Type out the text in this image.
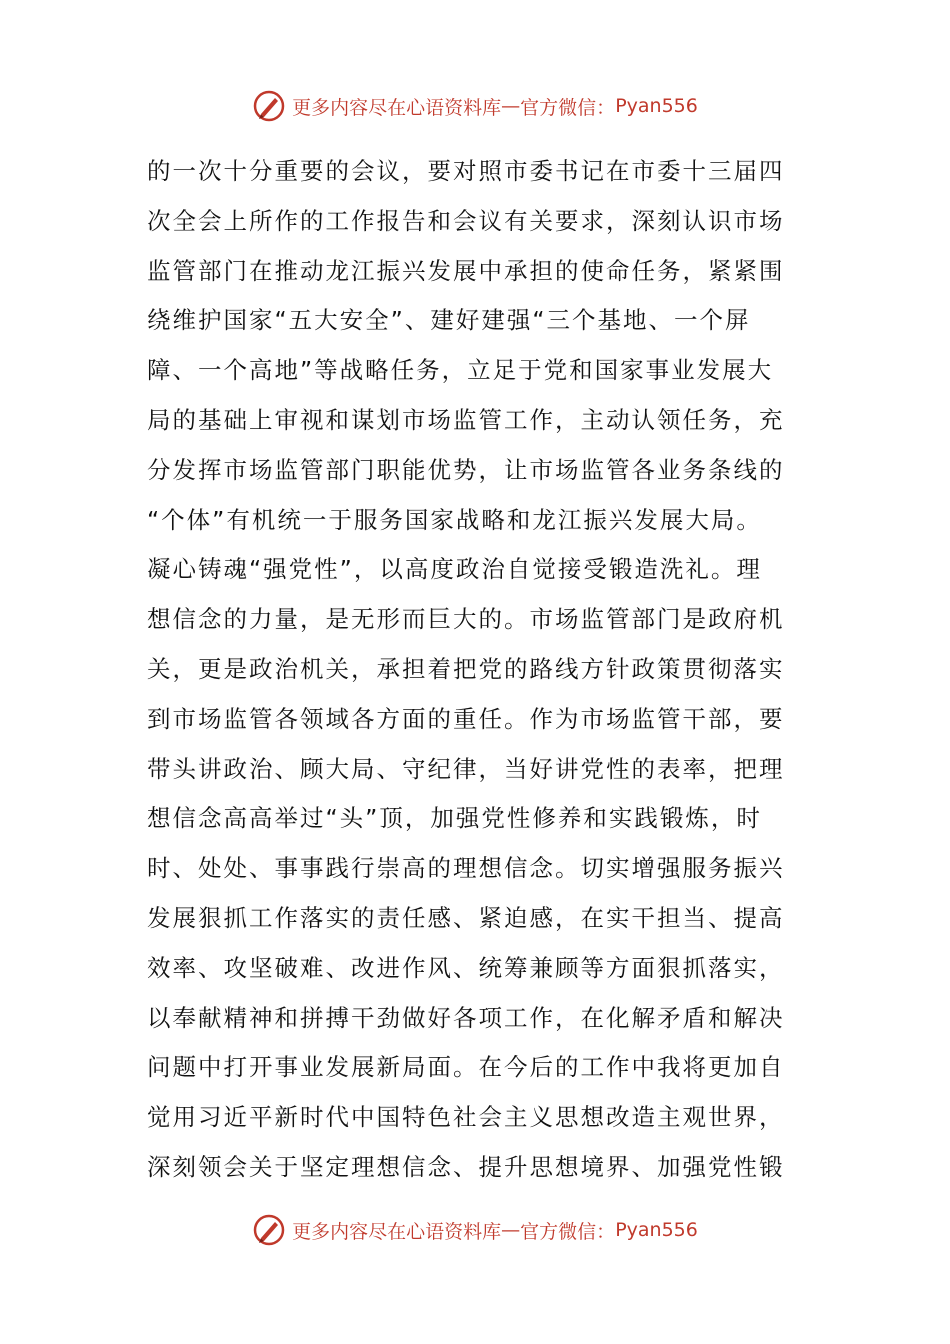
更多内容尽在心语资料库 — 官方微信： Pyan556
的一次十分重要的会议，要对照市委书记在市委十三届四
次全会上所作的工作报告和会议有关要求，深刻认识市场
监管部门在推动龙江振兴发展中承担的使命任务，紧紧围
绕维护国家“五大安全”、建好建强“三个基地、一个屏
障、一个高地”等战略任务，立足于党和国家事业发展大
局的基础上审视和谋划市场监管工作，主动认领任务，充
分发挥市场监管部门职能优势，让市场监管各业务条线的
“个体”有机统一于服务国家战略和龙江振兴发展大局。
凝心铸魂“强党性”，以高度政治自觉接受锻造洗礼。理
想信念的力量，是无形而巨大的。市场监管部门是政府机
关，更是政治机关，承担着把党的路线方针政策贯彻落实
到市场监管各领域各方面的重任。作为市场监管干部，要
带头讲政治、顾大局、守纪律，当好讲党性的表率，把理
想信念高高举过“头”顶，加强党性修养和实践锻炼，时
时、处处、事事践行崇高的理想信念。切实增强服务振兴
发展狠抓工作落实的责任感、紧迫感，在实干担当、提高
效率、攻坚破难、改进作风、统筹兼顾等方面狠抓落实，
以奉献精神和拼搏干劲做好各项工作，在化解矛盾和解决
问题中打开事业发展新局面。在今后的工作中我将更加自
觉用习近平新时代中国特色社会主义思想改造主观世界，
深刻领会关于坚定理想信念、提升思想境界、加强党性锻
更多内容尽在心语资料库 — 官方微信： Pyan556
